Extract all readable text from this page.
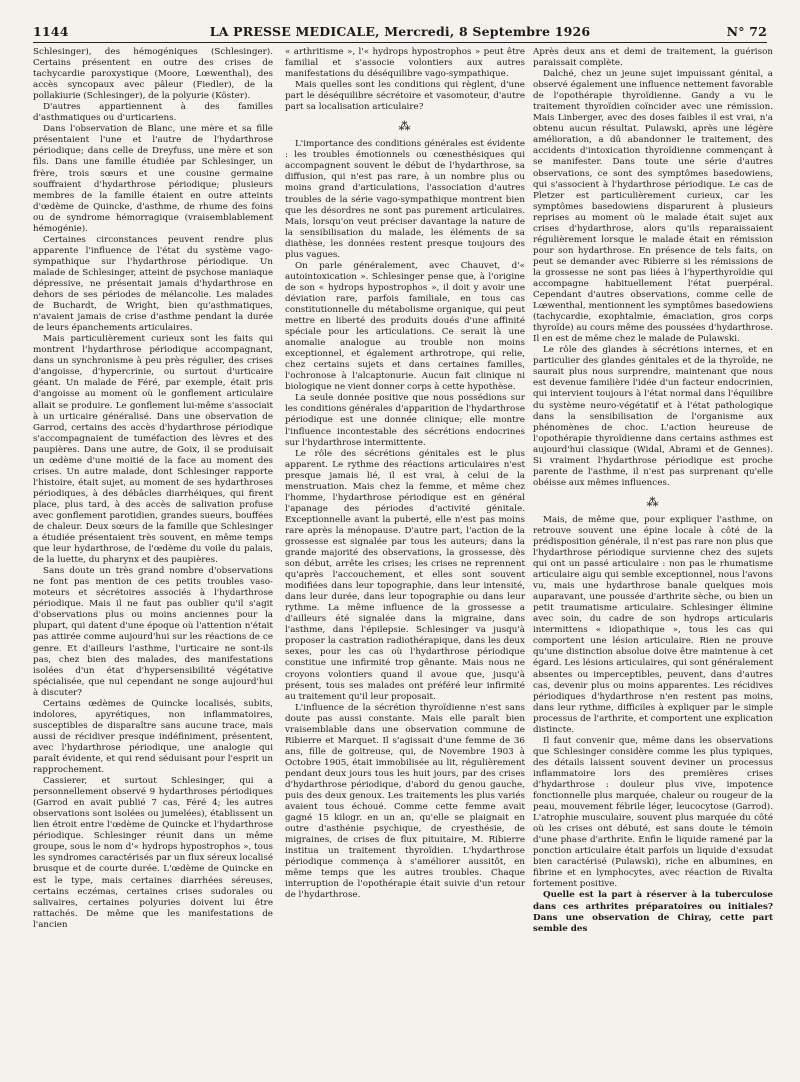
1144	LA PRESSE MEDICALE, Mercredi, 8 Septembre 1926	N° 72

Schlesinger), des hémogéniques (Schlesinger). Certains présentent en outre des crises de tachycardie paroxystique (Moore, Lœwenthal), des accès syncopaux avec pâleur (Fiedler), de la pollakiurie (Schlesinger), de la polyurie (Köster).

D'autres appartiennent à des familles d'asthmatiques ou d'urticariens.

Dans l'observation de Blanc, une mère et sa fille présentaient l'une et l'autre de l'hydarthrose périodique; dans celle de Dreyfuss, une mère et son fils. Dans une famille étudiée par Schlesinger, un frère, trois sœurs et une cousine germaine souffraient d'hydarthrose périodique; plusieurs membres de la famille étaient en outre atteints d'œdème de Quincke, d'asthme, de rhume des foins ou de syndrome hémorragique (vraisemblablement hémogénie).

Certaines circonstances peuvent rendre plus apparente l'influence de l'état du système vago-sympathique sur l'hydarthrose périodique. Un malade de Schlesinger, atteint de psychose maniaque dépressive, ne présentait jamais d'hydarthrose en dehors de ses périodes de mélancolie. Les malades de Buchardt, de Wright, bien qu'asthmatiques, n'avaient jamais de crise d'asthme pendant la durée de leurs épanchements articulaires.

Mais particulièrement curieux sont les faits qui montrent l'hydarthrose périodique accompagnant, dans un synchronisme à peu près régulier, des crises d'angoisse, d'hypercrinie, ou surtout d'urticaire géant. Un malade de Féré, par exemple, était pris d'angoisse au moment où le gonflement articulaire allait se produire. Le gonflement lui-même s'associait à un urticaire généralisé. Dans une observation de Garrod, certains des accès d'hydarthrose périodique s'accompagnaient de tuméfaction des lèvres et des paupières. Dans une autre, de Goix, il se produisait un œdème d'une moitié de la face au moment des crises. Un autre malade, dont Schlesinger rapporte l'histoire, était sujet, au moment de ses hydarthroses périodiques, à des débâcles diarrhéiques, qui firent place, plus tard, à des accès de salivation profuse avec gonflement parotidien, grandes sueurs, bouffées de chaleur. Deux sœurs de la famille que Schlesinger a étudiée présentaient très souvent, en même temps que leur hydarthrose, de l'œdème du voile du palais, de la luette, du pharynx et des paupières.

Sans doute un très grand nombre d'observations ne font pas mention de ces petits troubles vaso-moteurs et sécrétoires associés à l'hydarthrose périodique. Mais il ne faut pas oublier qu'il s'agit d'observations plus ou moins anciennes pour la plupart, qui datent d'une époque où l'attention n'était pas attirée comme aujourd'hui sur les réactions de ce genre. Et d'ailleurs l'asthme, l'urticaire ne sont-ils pas, chez bien des malades, des manifestations isolées d'un état d'hypersensibilité végétative spécialisée, que nul cependant ne songe aujourd'hui à discuter?

Certains œdèmes de Quincke localisés, subits, indolores, apyrétiques, non inflammatoires, susceptibles de disparaître sans aucune trace, mais aussi de récidiver presque indéfiniment, présentent, avec l'hydarthrose périodique, une analogie qui paraît évidente, et qui rend séduisant pour l'esprit un rapprochement.

Cassierer, et surtout Schlesinger, qui a personnellement observé 9 hydarthroses périodiques (Garrod en avait publié 7 cas, Féré 4; les autres observations sont isolées ou jumelées), établissent un lien étroit entre l'œdème de Quincke et l'hydarthrose périodique. Schlesinger réunit dans un même groupe, sous le nom d'« hydrops hypostrophos », tous les syndromes caractérisés par un flux séreux localisé brusque et de courte durée. L'œdème de Quincke en est le type, mais certaines diarrhées séreuses, certains eczémas, certaines crises sudorales ou salivaires, certaines polyuries doivent lui être rattachés. De même que les manifestations de l'ancien

« arthritisme », l'« hydrops hypostrophos » peut être familial et s'associe volontiers aux autres manifestations du déséquilibre vago-sympathique.

Mais quelles sont les conditions qui règlent, d'une part le déséquilibre sécrétoire et vasomoteur, d'autre part sa localisation articulaire?

⁂

L'importance des conditions générales est évidente : les troubles émotionnels ou cœnesthésiques qui accompagnent souvent le début de l'hydarthrose, sa diffusion, qui n'est pas rare, à un nombre plus ou moins grand d'articulations, l'association d'autres troubles de la série vago-sympathique montrent bien que les désordres ne sont pas purement articulaires. Mais, lorsqu'on veut préciser davantage la nature de la sensibilisation du malade, les éléments de sa diathèse, les données restent presque toujours des plus vagues.

On parle généralement, avec Chauvet, d'« autointoxication ». Schlesinger pense que, à l'origine de son « hydrops hypostrophos », il doit y avoir une déviation rare, parfois familiale, en tous cas constitutionnelle du métabolisme organique, qui peut mettre en liberté des produits doués d'une affinité spéciale pour les articulations. Ce serait là une anomalie analogue au trouble non moins exceptionnel, et également arthrotrope, qui relie, chez certains sujets et dans certaines familles, l'ochronose à l'alcaptonurie. Aucun fait clinique ni biologique ne vient donner corps à cette hypothèse.

La seule donnée positive que nous possédions sur les conditions générales d'apparition de l'hydarthrose périodique est une donnée clinique; elle montre l'influence incontestable des sécrétions endocrines sur l'hydarthrose intermittente.

Le rôle des sécrétions génitales est le plus apparent. Le rythme des réactions articulaires n'est presque jamais lié, il est vrai, à celui de la menstruation. Mais chez la femme, et même chez l'homme, l'hydarthrose périodique est en général l'apanage des périodes d'activité génitale. Exceptionnelle avant la puberté, elle n'est pas moins rare après la ménopause. D'autre part, l'action de la grossesse est signalée par tous les auteurs; dans la grande majorité des observations, la grossesse, dès son début, arrête les crises; les crises ne reprennent qu'après l'accouchement, et elles sont souvent modifiées dans leur topographie, dans leur intensité, dans leur durée, dans leur topographie ou dans leur rythme. La même influence de la grossesse a d'ailleurs été signalée dans la migraine, dans l'asthme, dans l'épilepsie. Schlesinger va jusqu'à proposer la castration radiothérapique, dans les deux sexes, pour les cas où l'hydarthrose périodique constitue une infirmité trop gênante. Mais nous ne croyons volontiers quand il avoue que, jusqu'à présent, tous ses malades ont préféré leur infirmité au traitement qu'il leur proposait.

L'influence de la sécrétion thyroïdienne n'est sans doute pas aussi constante. Mais elle paraît bien vraisemblable dans une observation commune de Ribierre et Marquet. Il s'agissait d'une femme de 36 ans, fille de goitreuse, qui, de Novembre 1903 à Octobre 1905, était immobilisée au lit, régulièrement pendant deux jours tous les huit jours, par des crises d'hydarthrose périodique, d'abord du genou gauche, puis des deux genoux. Les traitements les plus variés avaient tous échoué. Comme cette femme avait gagné 15 kilogr. en un an, qu'elle se plaignait en outre d'asthénie psychique, de cryesthésie, de migraines, de crises de flux pituitaire, M. Ribierre institua un traitement thyroïdien. L'hydarthrose périodique commença à s'améliorer aussitôt, en même temps que les autres troubles. Chaque interruption de l'opothérapie était suivie d'un retour de l'hydarthrose.

Après deux ans et demi de traitement, la guérison paraissait complète.

Dalché, chez un jeune sujet impuissant génital, a observé également une influence nettement favorable de l'opothérapie thyroïdienne. Gandy a vu le traitement thyroïdien coïncider avec une rémission. Mais Linberger, avec des doses faibles il est vrai, n'a obtenu aucun résultat. Pulawski, après une légère amélioration, a dû abandonner le traitement, des accidents d'intoxication thyroïdienne commençant à se manifester. Dans toute une série d'autres observations, ce sont des symptômes basedowiens, qui s'associent à l'hydarthrose périodique. Le cas de Pletzer est particulièrement curieux, car les symptômes basedowiens disparurent à plusieurs reprises au moment où le malade était sujet aux crises d'hydarthrose, alors qu'ils reparaissaient régulièrement lorsque le malade était en rémission pour son hydarthrose. En présence de tels faits, on peut se demander avec Ribierre si les rémissions de la grossesse ne sont pas liées à l'hyperthyroïdie qui accompagne habituellement l'état puerpéral. Cependant d'autres observations, comme celle de Lœwenthal, mentionnent les symptômes basedowiens (tachycardie, exophtalmie, émaciation, gros corps thyroïde) au cours même des poussées d'hydarthrose. Il en est de même chez le malade de Pulawski.

Le rôle des glandes à sécrétions internes, et en particulier des glandes génitales et de la thyroïde, ne saurait plus nous surprendre, maintenant que nous est devenue familière l'idée d'un facteur endocrinien, qui intervient toujours à l'état normal dans l'équilibre du système neuro-végétatif et à l'état pathologique dans la sensibilisation de l'organisme aux phénomènes de choc. L'action heureuse de l'opothérapie thyroïdienne dans certains asthmes est aujourd'hui classique (Widal, Abrami et de Gennes). Si vraiment l'hydarthrose périodique est proche parente de l'asthme, il n'est pas surprenant qu'elle obéisse aux mêmes influences.

⁂

Mais, de même que, pour expliquer l'asthme, on retrouve souvent une épine locale à côté de la prédisposition générale, il n'est pas rare non plus que l'hydarthrose périodique survienne chez des sujets qui ont un passé articulaire : non pas le rhumatisme articulaire aigu qui semble exceptionnel, nous l'avons vu, mais une hydarthrose banale quelques mois auparavant, une poussée d'arthrite sèche, ou bien un petit traumatisme articulaire. Schlesinger élimine avec soin, du cadre de son hydrops articularis intermittens « idiopathique », tous les cas qui comportent une lésion articulaire. Rien ne prouve qu'une distinction absolue doive être maintenue à cet égard. Les lésions articulaires, qui sont généralement absentes ou imperceptibles, peuvent, dans d'autres cas, devenir plus ou moins apparentes. Les récidives périodiques d'hydarthrose n'en restent pas moins, dans leur rythme, difficiles à expliquer par le simple processus de l'arthrite, et comportent une explication distincte.

Il faut convenir que, même dans les observations que Schlesinger considère comme les plus typiques, des détails laissent souvent deviner un processus inflammatoire lors des premières crises d'hydarthrose : douleur plus vive, impotence fonctionnelle plus marquée, chaleur ou rougeur de la peau, mouvement fébrile léger, leucocytose (Garrod). L'atrophie musculaire, souvent plus marquée du côté où les crises ont débuté, est sans doute le témoin d'une phase d'arthrite. Enfin le liquide ramené par la ponction articulaire était parfois un liquide d'exsudat bien caractérisé (Pulawski), riche en albumines, en fibrine et en lymphocytes, avec réaction de Rivalta fortement positive.

Quelle est la part à réserver à la tuberculose dans ces arthrites préparatoires ou initiales? Dans une observation de Chiray, cette part semble des
